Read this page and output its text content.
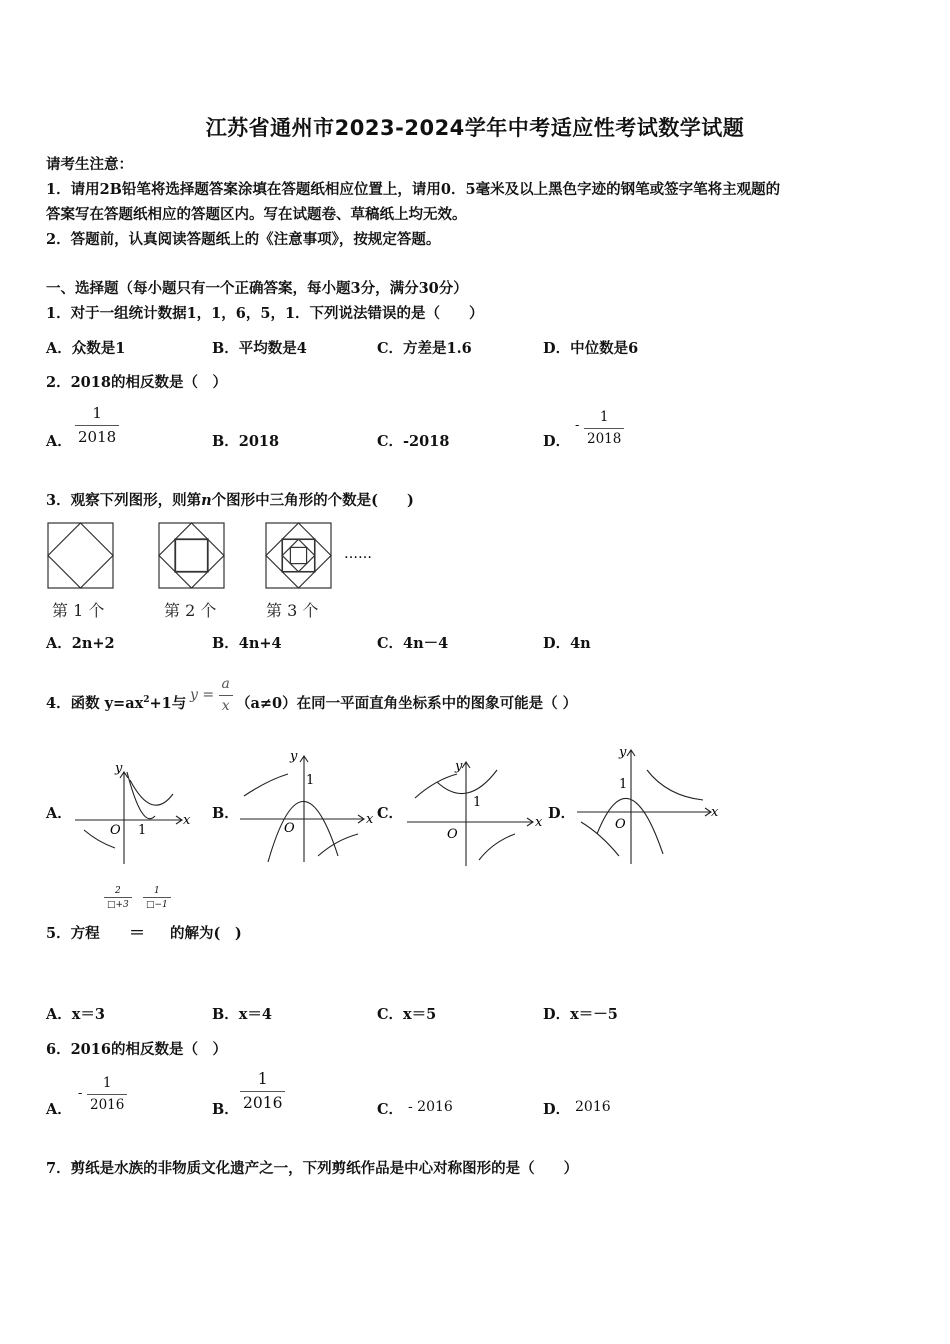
江苏省通州市2023-2024学年中考适应性考试数学试题
请考生注意：
1．请用2B铅笔将选择题答案涂填在答题纸相应位置上，请用0．5毫米及以上黑色字迹的钢笔或签字笔将主观题的
答案写在答题纸相应的答题区内。写在试题卷、草稿纸上均无效。
2．答题前，认真阅读答题纸上的《注意事项》，按规定答题。
一、选择题（每小题只有一个正确答案，每小题3分，满分30分）
1．对于一组统计数据1，1，6，5，1．下列说法错误的是（　　）
A．众数是1	B．平均数是4	C．方差是1.6	D．中位数是6
2．2018的相反数是（　）
A． $\frac{1}{2018}$	B．2018	C．-2018	D．
- $\frac{1}{2018}$
3．观察下列图形，则第n个图形中三角形的个数是(　　)
……
第 1 个	第 2 个	第 3 个
A．2n+2	B．4n+4	C．4n－4	D．4n
4．函数 $y=ax^2+1$与 $y = \frac{a}{x} (a\ne 0)$在同一平面直角坐标系中的图象可能是（ ）
A．	B．	C．	D．
x
y
O 1
x
y
O
1
x
y
O
1
x
y
O
1
$\frac{2}{□+3} \frac{1}{□-1}$
5．方程 ＝ 的解为(　)
A．x＝3	B．x＝4	C．x＝5	D．x＝－5
6．2016的相反数是（　）
A．
- $\frac{1}{2016}$	B． $\frac{1}{2016}$	C． - 2016	D． 2016
7．剪纸是水族的非物质文化遗产之一，下列剪纸作品是中心对称图形的是（　　）
